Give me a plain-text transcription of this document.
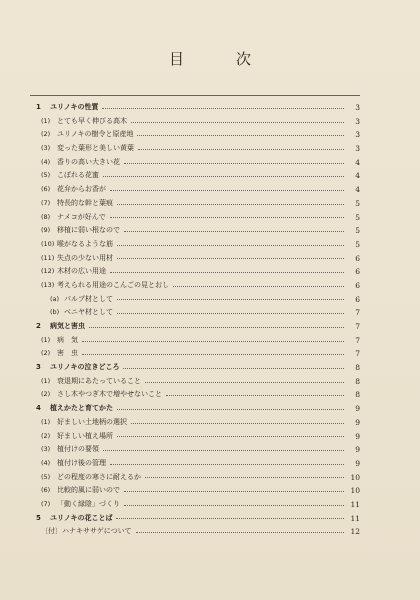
目	次
1	ユリノキの性質	3
(1) とても早く伸びる高木	3
(2) ユリノキの樹令と原産地	3
(3) 変った葉形と美しい黄葉	3
(4) 香りの高い大きい花	4
(5) こぼれる花蜜	4
(6) 花弁からお香が	4
(7) 特長的な幹と葉痕	5
(8) ナメコが好んで	5
(9) 移植に弱い根なので	5
(10) 喉がなるような筋	5
(11) 失点の少ない用材	6
(12) 木材の広い用途	6
(13) 考えられる用途のこんごの見とおし	6
(a) パルプ材として	6
(b) ベニヤ材として	7
2	病気と害虫	7
(1) 病　気	7
(2) 害　虫	7
3	ユリノキの泣きどころ	8
(1) 衰退期にあたっていること	8
(2) さし木やつぎ木で増やせないこと	8
4	植えかたと育てかた	9
(1) 好ましい土地柄の選択	9
(2) 好ましい植え場所	9
(3) 植付けの要領	9
(4) 植付け後の管理	9
(5) どの程度の寒さに耐えるか	10
(6) 比較的風に弱いので	10
(7) 「動く緑陰」づくり	11
5	ユリノキの花ことば	11
〔付〕ハナキササゲについて	12
